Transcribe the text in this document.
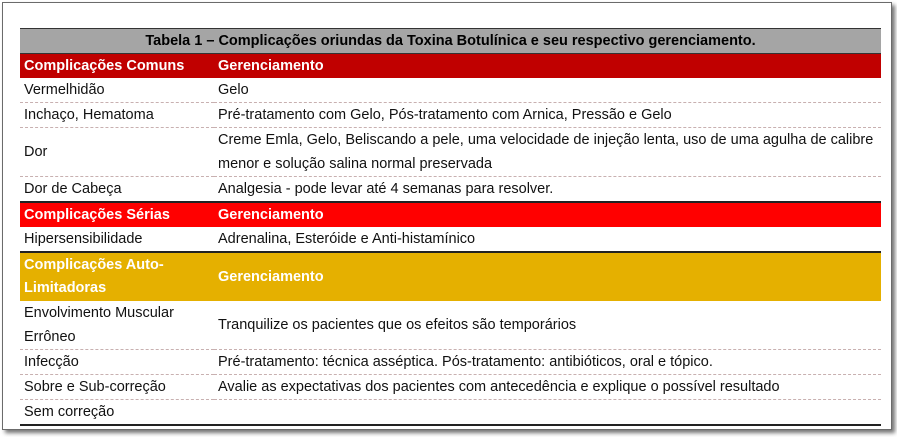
Tabela 1 – Complicações oriundas da Toxina Botulínica e seu respectivo gerenciamento.	
Complicações Comuns	Gerenciamento
Vermelhidão	Gelo
Inchaço, Hematoma	Pré-tratamento com Gelo, Pós-tratamento com Arnica, Pressão e Gelo
Dor	Creme Emla, Gelo, Beliscando a pele, uma velocidade de injeção lenta, uso de uma agulha de calibre menor e solução salina normal preservada
Dor de Cabeça	Analgesia - pode levar até 4 semanas para resolver.
Complicações Sérias	Gerenciamento
Hipersensibilidade	Adrenalina, Esteróide e Anti-histamínico
Complicações Auto-Limitadoras	Gerenciamento
Envolvimento Muscular Errôneo	Tranquilize os pacientes que os efeitos são temporários
Infecção	Pré-tratamento: técnica asséptica. Pós-tratamento: antibióticos, oral e tópico.
Sobre e Sub-correção	Avalie as expectativas dos pacientes com antecedência e explique o possível resultado
Sem correção	
